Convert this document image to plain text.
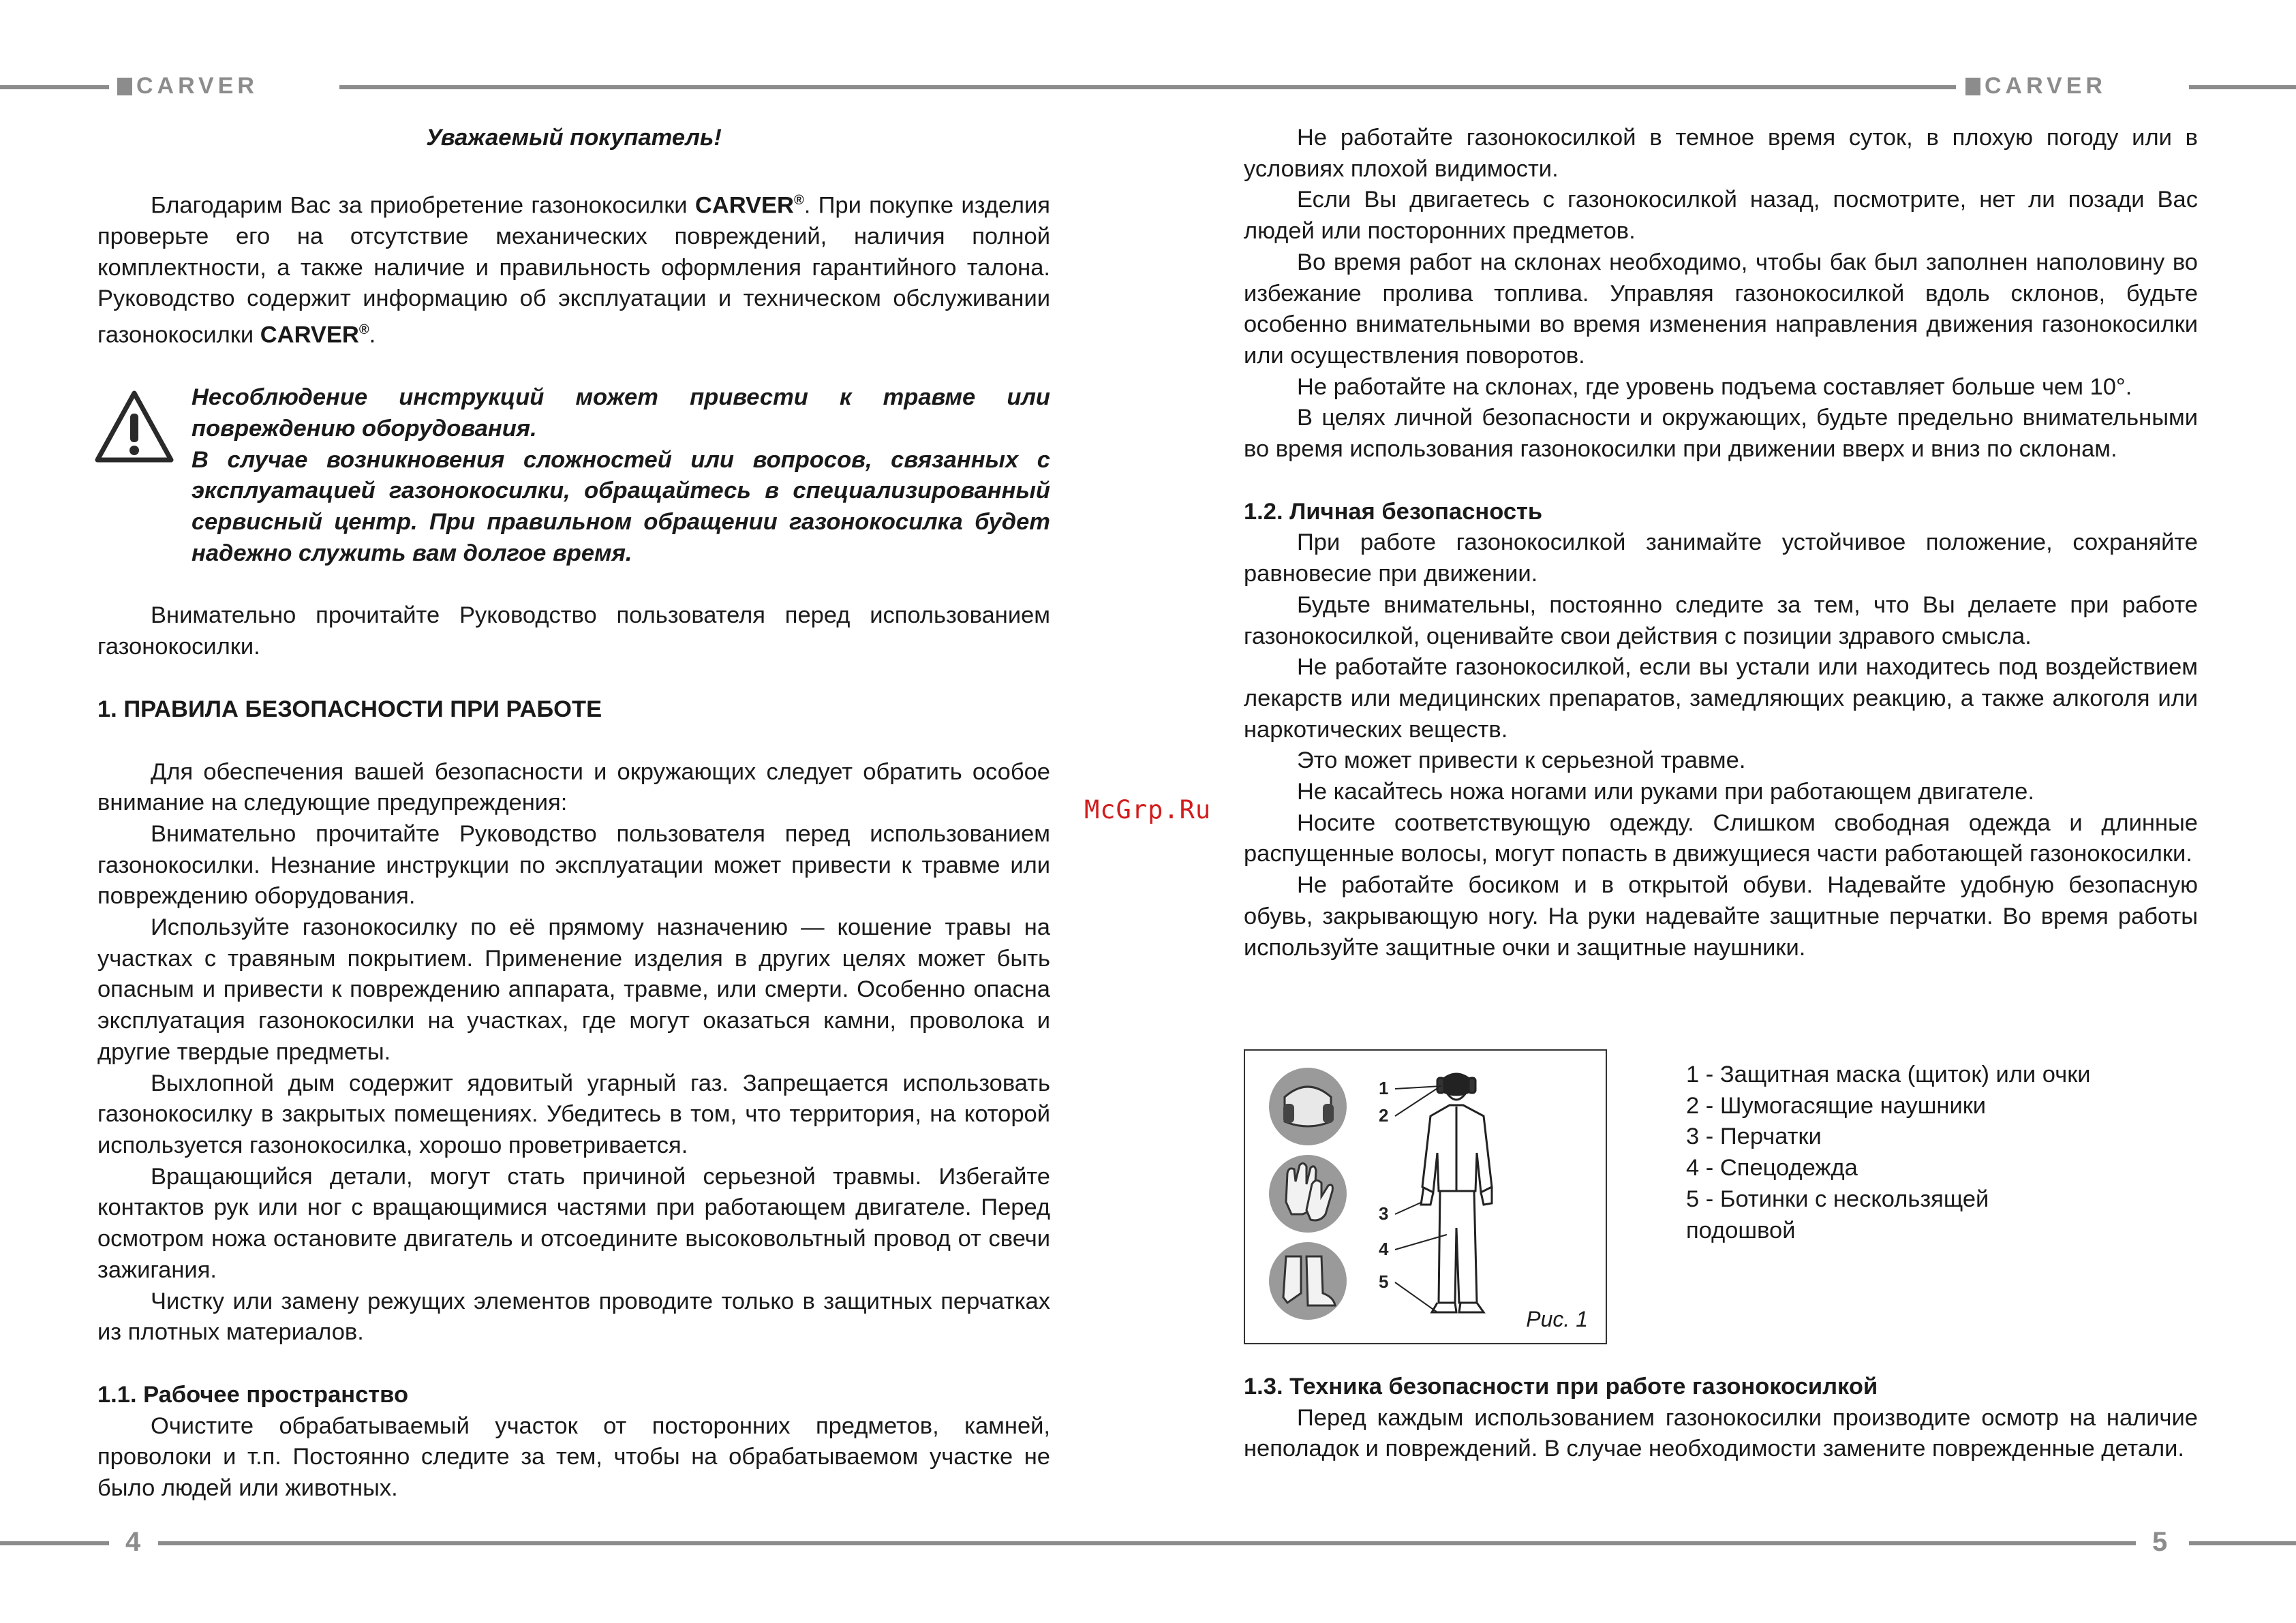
CARVER	CARVER
4	5

Уважаемый покупатель!

Благодарим Вас за приобретение газонокосилки CARVER®. При покупке изделия проверьте его на отсутствие механических повреждений, наличия полной комплектности, а также наличие и правильность оформления гарантийного талона. Руководство содержит информацию об эксплуатации и техническом обслуживании газонокосилки CARVER®.

Несоблюдение инструкций может привести к травме или повреждению оборудования.

В случае возникновения сложностей или вопросов, связанных с эксплуатацией газонокосилки, обращайтесь в специализированный сервисный центр. При правильном обращении газонокосилка будет надежно служить вам долгое время.

Внимательно прочитайте Руководство пользователя перед использованием газонокосилки.

1. ПРАВИЛА БЕЗОПАСНОСТИ ПРИ РАБОТЕ

Для обеспечения вашей безопасности и окружающих следует обратить особое внимание на следующие предупреждения:

Внимательно прочитайте Руководство пользователя перед использованием газонокосилки. Незнание инструкции по эксплуатации может привести к травме или повреждению оборудования.

Используйте газонокосилку по её прямому назначению — кошение травы на участках с травяным покрытием. Применение изделия в других целях может быть опасным и привести к повреждению аппарата, травме, или смерти. Особенно опасна эксплуатация газонокосилки на участках, где могут оказаться камни, проволока и другие твердые предметы.

Выхлопной дым содержит ядовитый угарный газ. Запрещается использовать газонокосилку в закрытых помещениях. Убедитесь в том, что территория, на которой используется газонокосилка, хорошо проветривается.

Вращающийся детали, могут стать причиной серьезной травмы. Избегайте контактов рук или ног с вращающимися частями при работающем двигателе. Перед осмотром ножа остановите двигатель и отсоедините высоковольтный провод от свечи зажигания.

Чистку или замену режущих элементов проводите только в защитных перчатках из плотных материалов.

1.1. Рабочее пространство

Очистите обрабатываемый участок от посторонних предметов, камней, проволоки и т.п. Постоянно следите за тем, чтобы на обрабатываемом участке не было людей или животных.

McGrp.Ru

Не работайте газонокосилкой в темное время суток, в плохую погоду или в условиях плохой видимости.

Если Вы двигаетесь с газонокосилкой назад, посмотрите, нет ли позади Вас людей или посторонних предметов.

Во время работ на склонах необходимо, чтобы бак был заполнен наполовину во избежание пролива топлива. Управляя газонокосилкой вдоль склонов, будьте особенно внимательными во время изменения направления движения газонокосилки или осуществления поворотов.

Не работайте на склонах, где уровень подъема составляет больше чем 10°.

В целях личной безопасности и окружающих, будьте предельно внимательными во время использования газонокосилки при движении вверх и вниз по склонам.

1.2. Личная безопасность

При работе газонокосилкой занимайте устойчивое положение, сохраняйте равновесие при движении.

Будьте внимательны, постоянно следите за тем, что Вы делаете при работе газонокосилкой, оценивайте свои действия с позиции здравого смысла.

Не работайте газонокосилкой, если вы устали или находитесь под воздействием лекарств или медицинских препаратов, замедляющих реакцию, а также алкоголя или наркотических веществ.

Это может привести к серьезной травме.

Не касайтесь ножа ногами или руками при работающем двигателе.

Носите соответствующую одежду. Слишком свободная одежда и длинные распущенные волосы, могут попасть в движущиеся части работающей газонокосилки.

Не работайте босиком и в открытой обуви. Надевайте удобную безопасную обувь, закрывающую ногу. На руки надевайте защитные перчатки. Во время работы используйте защитные очки и защитные наушники.

1
2
3
4
5
Рис. 1
1 - Защитная маска (щиток) или очки
2 - Шумогасящие наушники
3 - Перчатки
4 - Спецодежда
5 - Ботинки с нескользящей
подошвой

1.3. Техника безопасности при работе газонокосилкой

Перед каждым использованием газонокосилки производите осмотр на наличие неполадок и повреждений. В случае необходимости замените поврежденные детали.
